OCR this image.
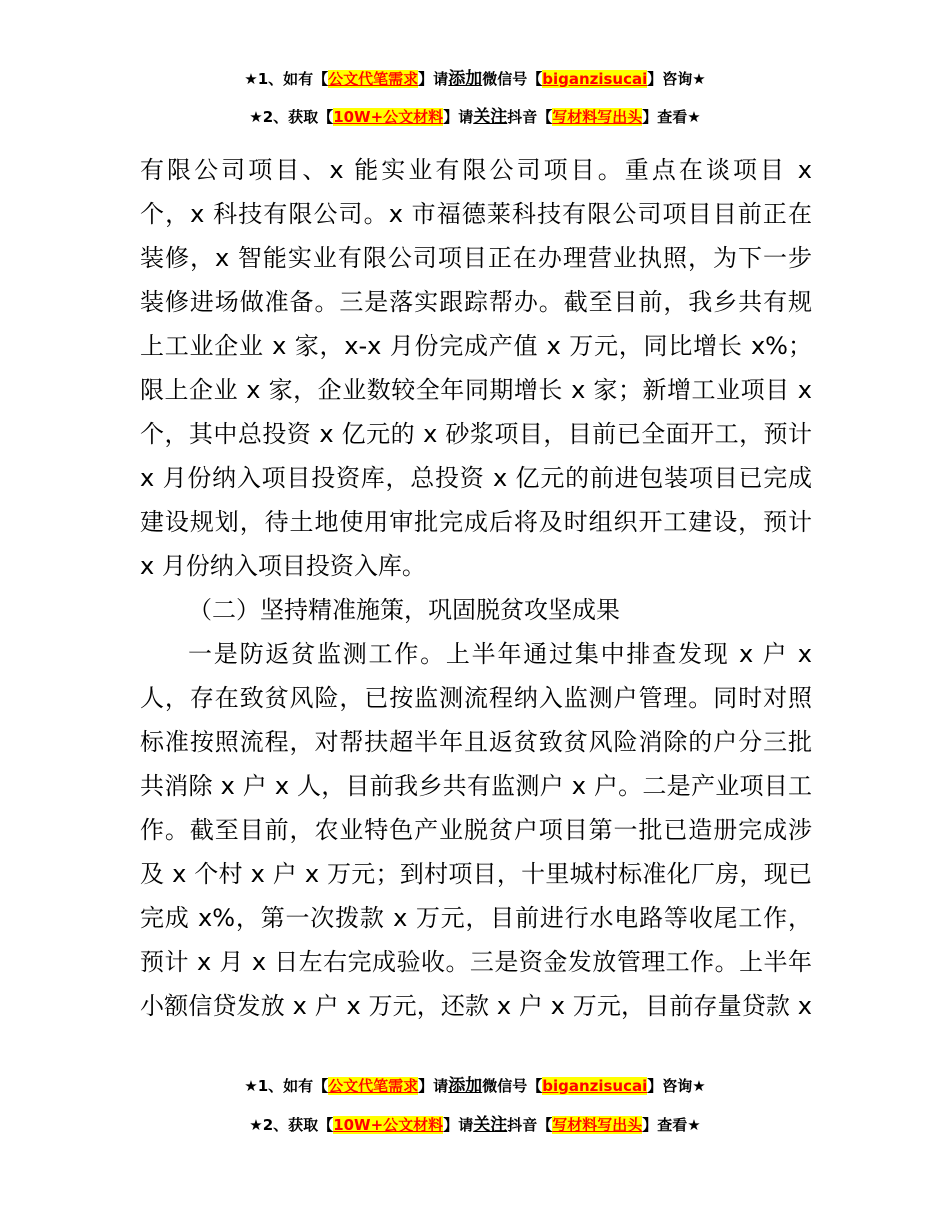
★1、如有【公文代笔需求】请添加微信号【biganzisucai】咨询★
★2、获取【10W+公文材料】请关注抖音【写材料写出头】查看★
有限公司项目、x 能实业有限公司项目。重点在谈项目 x
个，x 科技有限公司。x 市福德莱科技有限公司项目目前正在
装修，x 智能实业有限公司项目正在办理营业执照，为下一步
装修进场做准备。三是落实跟踪帮办。截至目前，我乡共有规
上工业企业 x 家，x-x 月份完成产值 x 万元，同比增长 x%；
限上企业 x 家，企业数较全年同期增长 x 家；新增工业项目 x
个，其中总投资 x 亿元的 x 砂浆项目，目前已全面开工，预计
x 月份纳入项目投资库，总投资 x 亿元的前进包装项目已完成
建设规划，待土地使用审批完成后将及时组织开工建设，预计
x 月份纳入项目投资入库。
（二）坚持精准施策，巩固脱贫攻坚成果
一是防返贫监测工作。上半年通过集中排查发现 x 户 x
人，存在致贫风险，已按监测流程纳入监测户管理。同时对照
标准按照流程，对帮扶超半年且返贫致贫风险消除的户分三批
共消除 x 户 x 人，目前我乡共有监测户 x 户。二是产业项目工
作。截至目前，农业特色产业脱贫户项目第一批已造册完成涉
及 x 个村 x 户 x 万元；到村项目，十里城村标准化厂房，现已
完成 x%，第一次拨款 x 万元，目前进行水电路等收尾工作，
预计 x 月 x 日左右完成验收。三是资金发放管理工作。上半年
小额信贷发放 x 户 x 万元，还款 x 户 x 万元，目前存量贷款 x
★1、如有【公文代笔需求】请添加微信号【biganzisucai】咨询★
★2、获取【10W+公文材料】请关注抖音【写材料写出头】查看★
